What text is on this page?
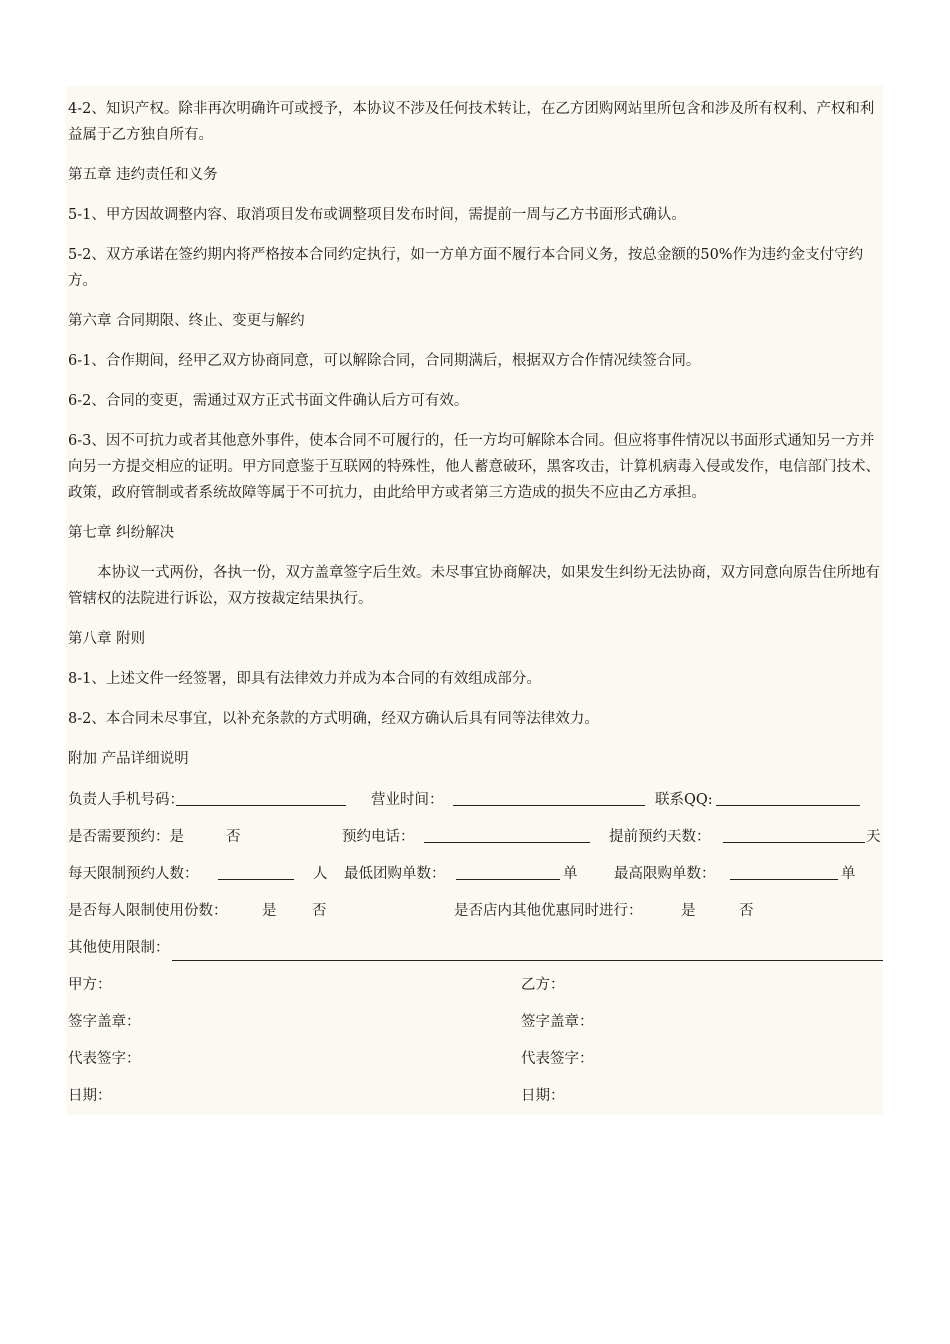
4-2、知识产权。除非再次明确许可或授予，本协议不涉及任何技术转让，在乙方团购网站里所包含和涉及所有权利、产权和利益属于乙方独自所有。
第五章 违约责任和义务
5-1、甲方因故调整内容、取消项目发布或调整项目发布时间，需提前一周与乙方书面形式确认。
5-2、双方承诺在签约期内将严格按本合同约定执行，如一方单方面不履行本合同义务，按总金额的50%作为违约金支付守约方。
第六章 合同期限、终止、变更与解约
6-1、合作期间，经甲乙双方协商同意，可以解除合同，合同期满后，根据双方合作情况续签合同。
6-2、合同的变更，需通过双方正式书面文件确认后方可有效。
6-3、因不可抗力或者其他意外事件，使本合同不可履行的，任一方均可解除本合同。但应将事件情况以书面形式通知另一方并向另一方提交相应的证明。甲方同意鉴于互联网的特殊性，他人蓄意破环，黑客攻击，计算机病毒入侵或发作，电信部门技术、政策，政府管制或者系统故障等属于不可抗力，由此给甲方或者第三方造成的损失不应由乙方承担。
第七章 纠纷解决
本协议一式两份，各执一份，双方盖章签字后生效。未尽事宜协商解决，如果发生纠纷无法协商，双方同意向原告住所地有管辖权的法院进行诉讼，双方按裁定结果执行。
第八章 附则
8-1、上述文件一经签署，即具有法律效力并成为本合同的有效组成部分。
8-2、本合同未尽事宜，以补充条款的方式明确，经双方确认后具有同等法律效力。
附加 产品详细说明
负责人手机号码：	营业时间：	联系QQ:
是否需要预约：是	否	预约电话：	提前预约天数：	天
每天限制预约人数：	人 最低团购单数：	单	最高限购单数：	单
是否每人限制使用份数： 是 否	是否店内其他优惠同时进行：	是	否
其他使用限制：
甲方：	乙方：
签字盖章：	签字盖章：
代表签字：	代表签字：
日期：	日期：
